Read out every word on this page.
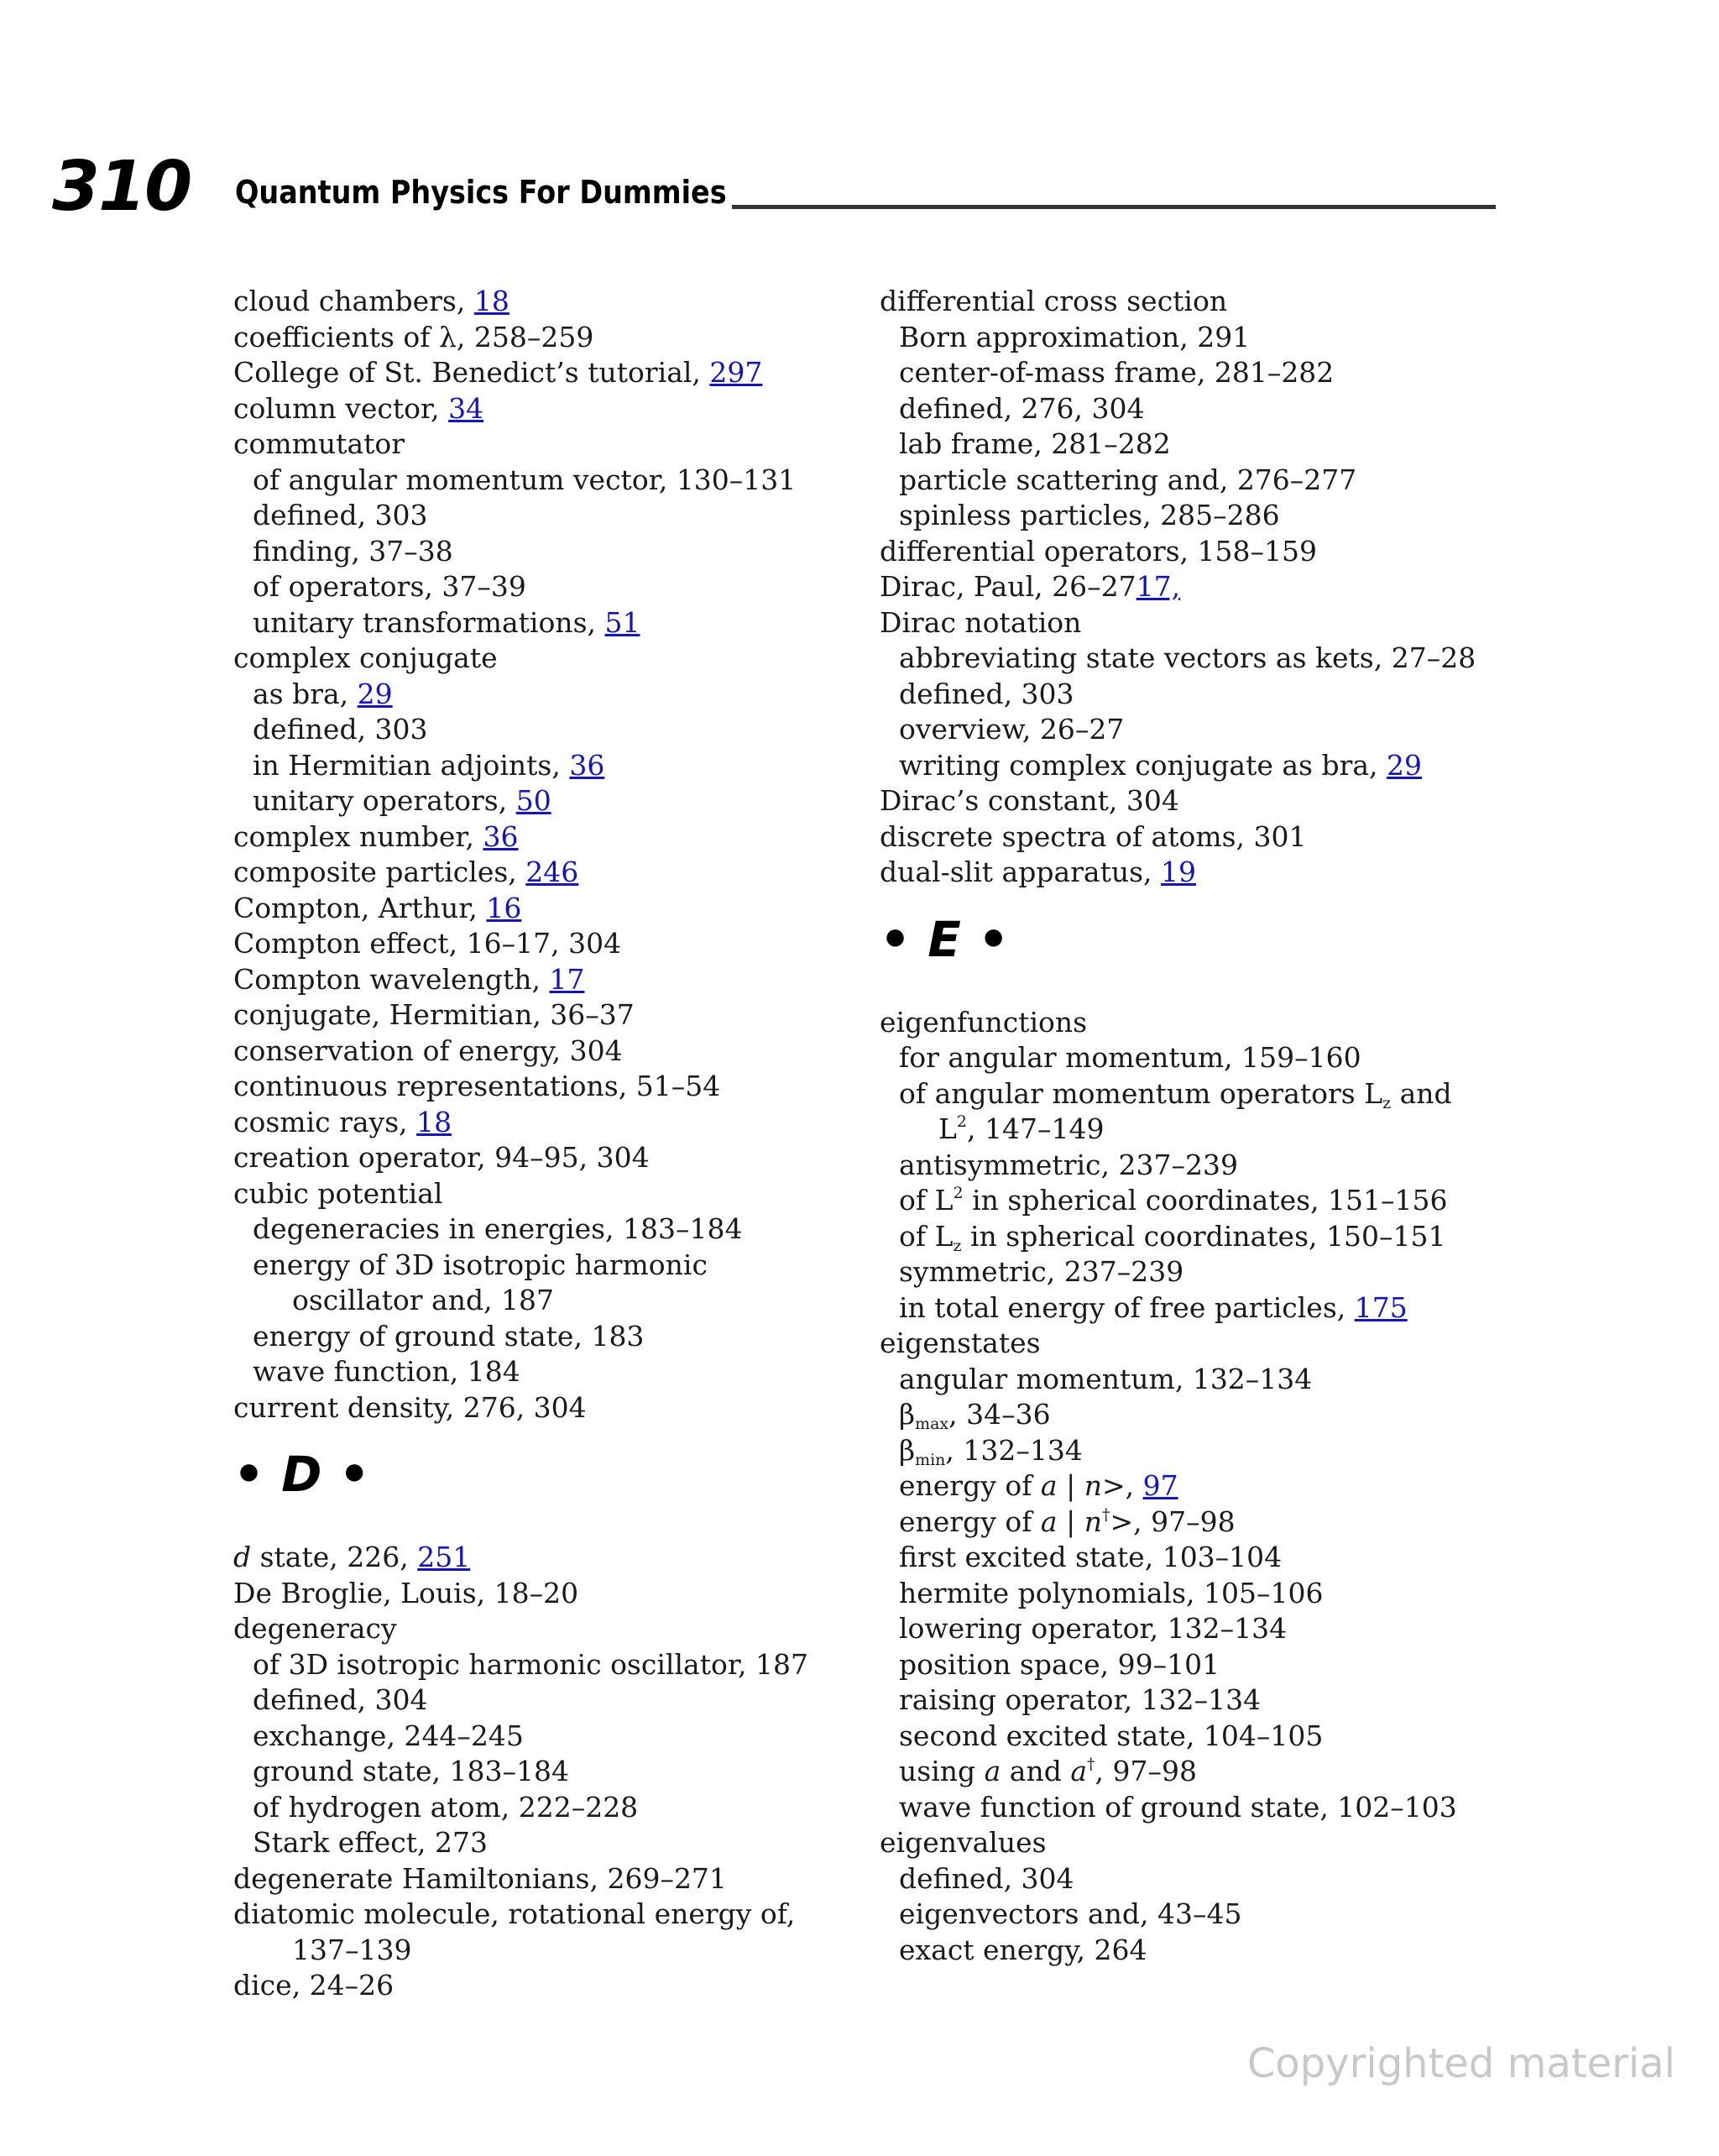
310 Quantum Physics For Dummies
cloud chambers, 18
coefficients of λ, 258–259
College of St. Benedict’s tutorial, 297
column vector, 34
commutator
of angular momentum vector, 130–131
defined, 303
finding, 37–38
of operators, 37–39
unitary transformations, 51
complex conjugate
as bra, 29
defined, 303
in Hermitian adjoints, 36
unitary operators, 50
complex number, 36
composite particles, 246
Compton, Arthur, 16
Compton effect, 16–17, 304
Compton wavelength, 17
conjugate, Hermitian, 36–37
conservation of energy, 304
continuous representations, 51–54
cosmic rays, 18
creation operator, 94–95, 304
cubic potential
degeneracies in energies, 183–184
energy of 3D isotropic harmonic
oscillator and, 187
energy of ground state, 183
wave function, 184
current density, 276, 304
• D •
d state, 226, 251
De Broglie, Louis, 18–20
degeneracy
of 3D isotropic harmonic oscillator, 187
defined, 304
exchange, 244–245
ground state, 183–184
of hydrogen atom, 222–228
Stark effect, 273
degenerate Hamiltonians, 269–271
diatomic molecule, rotational energy of,
137–139
dice, 24–26
differential cross section
Born approximation, 291
center-of-mass frame, 281–282
defined, 276, 304
lab frame, 281–282
particle scattering and, 276–277
spinless particles, 285–286
differential operators, 158–159
Dirac, Paul, 26–2717,
Dirac notation
abbreviating state vectors as kets, 27–28
defined, 303
overview, 26–27
writing complex conjugate as bra, 29
Dirac’s constant, 304
discrete spectra of atoms, 301
dual-slit apparatus, 19
• E •
eigenfunctions
for angular momentum, 159–160
of angular momentum operators $L_z$ and
$L^2$, 147–149
antisymmetric, 237–239
of $L^2$ in spherical coordinates, 151–156
of $L_z$ in spherical coordinates, 150–151
symmetric, 237–239
in total energy of free particles, 175
eigenstates
angular momentum, 132–134
$\beta_{max}$, 34–36
$\beta_{min}$, 132–134
energy of a | n>, 97
energy of a | n†>, 97–98
first excited state, 103–104
hermite polynomials, 105–106
lowering operator, 132–134
position space, 99–101
raising operator, 132–134
second excited state, 104–105
using a and a†, 97–98
wave function of ground state, 102–103
eigenvalues
defined, 304
eigenvectors and, 43–45
exact energy, 264
Copyrighted material
